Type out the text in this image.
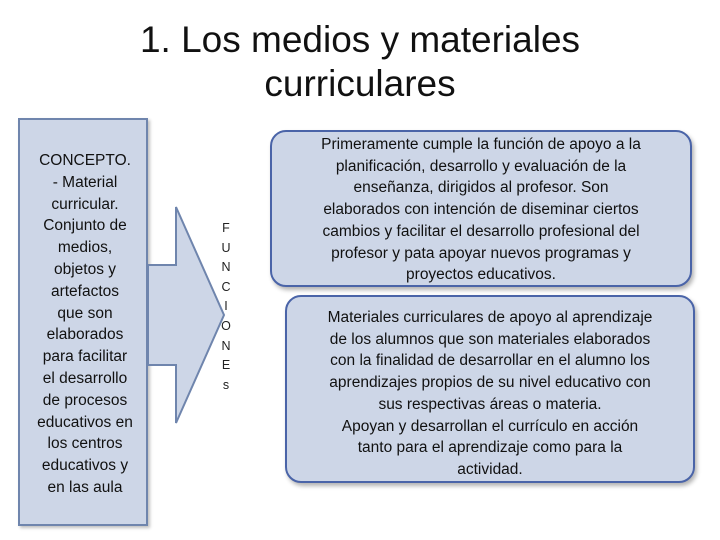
1. Los medios y materiales
curriculares
CONCEPTO.
- Material
curricular.
Conjunto de
medios,
objetos y
artefactos
que son
elaborados
para facilitar
el desarrollo
de procesos
educativos en
los centros
educativos y
en las aula
F
U
N
C
I
O
N
E
s
Primeramente cumple la función de apoyo a la
planificación, desarrollo y evaluación de la
enseñanza, dirigidos al profesor. Son
elaborados con intención de diseminar ciertos
cambios y facilitar el desarrollo profesional del
profesor y pata apoyar nuevos programas y
proyectos educativos.
Materiales curriculares de apoyo al aprendizaje
de los alumnos que son materiales elaborados
con la finalidad de desarrollar en el alumno los
aprendizajes propios de su nivel educativo con
sus respectivas áreas o materia.
Apoyan y desarrollan el currículo en acción
tanto para el aprendizaje como para la
actividad.
